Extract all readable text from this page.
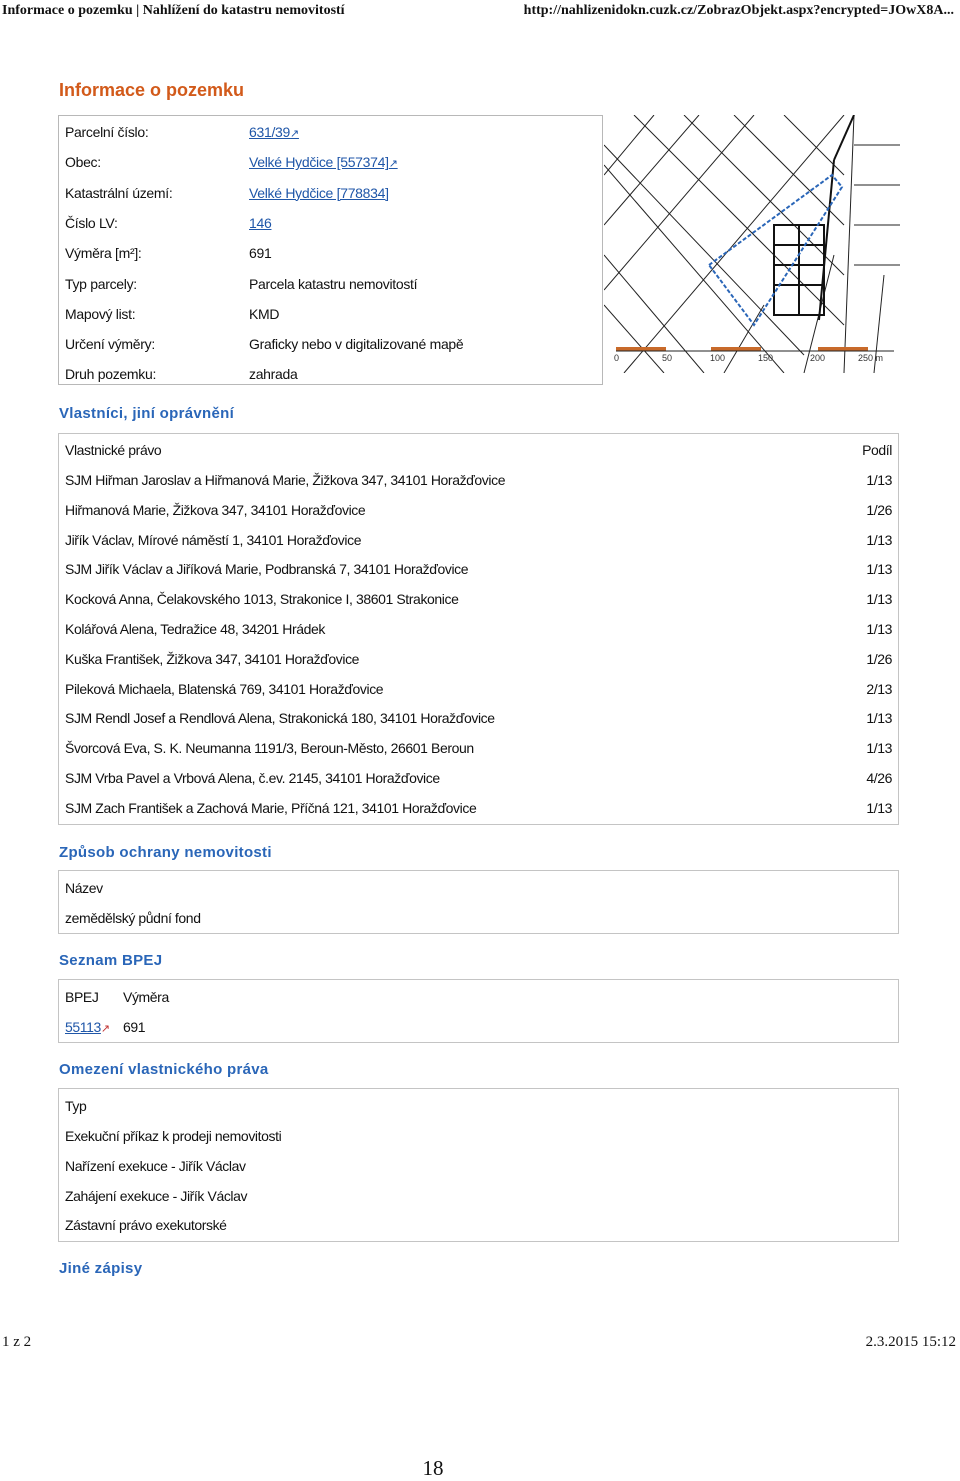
Informace o pozemku | Nahlížení do katastru nemovitostí	http://nahlizenidokn.cuzk.cz/ZobrazObjekt.aspx?encrypted=JOwX8A...
Informace o pozemku
Parcelní číslo:	631/39↗
Obec:	Velké Hydčice [557374]↗
Katastrální území:	Velké Hydčice [778834]
Číslo LV:	146
Výměra [m²]:	691
Typ parcely:	Parcela katastru nemovitostí
Mapový list:	KMD
Určení výměry:	Graficky nebo v digitalizované mapě
Druh pozemku:	zahrada
0	50	100	150	200	250 m
Vlastníci, jiní oprávnění
Vlastnické právo	Podíl
SJM Hiřman Jaroslav a Hiřmanová Marie, Žižkova 347, 34101 Horažďovice	1/13
Hiřmanová Marie, Žižkova 347, 34101 Horažďovice	1/26
Jiřík Václav, Mírové náměstí 1, 34101 Horažďovice	1/13
SJM Jiřík Václav a Jiříková Marie, Podbranská 7, 34101 Horažďovice	1/13
Kocková Anna, Čelakovského 1013, Strakonice I, 38601 Strakonice	1/13
Kolářová Alena, Tedražice 48, 34201 Hrádek	1/13
Kuška František, Žižkova 347, 34101 Horažďovice	1/26
Pileková Michaela, Blatenská 769, 34101 Horažďovice	2/13
SJM Rendl Josef a Rendlová Alena, Strakonická 180, 34101 Horažďovice	1/13
Švorcová Eva, S. K. Neumanna 1191/3, Beroun-Město, 26601 Beroun	1/13
SJM Vrba Pavel a Vrbová Alena, č.ev. 2145, 34101 Horažďovice	4/26
SJM Zach František a Zachová Marie, Příčná 121, 34101 Horažďovice	1/13
Způsob ochrany nemovitosti
Název
zemědělský půdní fond
Seznam BPEJ
BPEJ Výměra
55113↗ 691
Omezení vlastnického práva
Typ
Exekuční příkaz k prodeji nemovitosti
Nařízení exekuce - Jiřík Václav
Zahájení exekuce - Jiřík Václav
Zástavní právo exekutorské
Jiné zápisy
1 z 2	2.3.2015 15:12
18
